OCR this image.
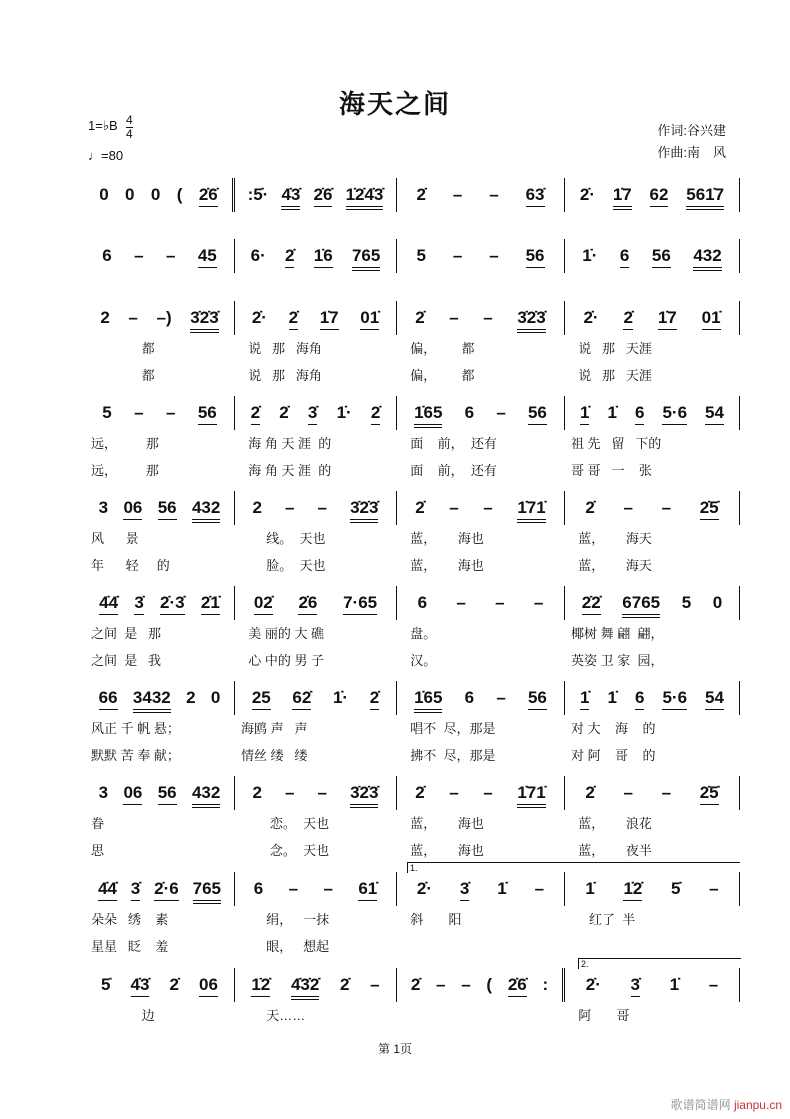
海天之间
1=♭B $\frac{4}{4}$
♩=80
作词:谷兴建
作曲:南　风
0 0 0 ( 2̇6̇ :5̇· 4̇3̇ 2̇6̇ 1̇2̇4̇3̇ 2̇ – – 63̇ 2̇· 1̇7 62 561̇7
6 – – 45 6· 2̇ 1̇6 765 5 – – 56 1̇· 6 56 432
2 – –) 3̇2̇3̇ 2̇· 2̇ 1̇7 01̇ 2̇ – – 3̇2̇3̇ 2̇· 2̇ 1̇7 01̇
都	说   那   海角	偏，       都	说   那   天涯
都	说   那   海角	偏，       都	说   那   天涯
5 – – 56 2̇ 2̇ 3̇ 1̇· 2̇ 1̇65 6 – 56 1̇ 1̇ 6 5·6 54
远，        那	海 角 天 涯  的	面    前，  还有	祖 先   留   下的
远，        那	海 角 天 涯  的	面    前，  还有	哥 哥   一    张
3 06 56 432 2 – – 3̇2̇3̇ 2̇ – – 1̇71̇ 2̇ – – 2̇5̇
风      景	线。  天也	蓝，      海也	蓝，      海天
年      轻     的	脸。  天也	蓝，      海也	蓝，      海天
4̇4̇ 3̇ 2̇·3̇ 2̇1̇ 02̇ 2̇6 7·65 6 – – – 2̇2̇ 6765 5 0
之间  是   那	美 丽的 大 礁	盘。	椰树 舞 翩  翩，
之间  是   我	心 中的 男 子	汉。	英姿 卫 家  园，
66 3432 2 0 25 62̇ 1̇· 2̇ 1̇65 6 – 56 1̇ 1̇ 6 5·6 54
风正 千 帆 悬；	海鸥 声   声	唱不  尽，那是	对 大    海    的
默默 苦 奉 献；	情丝 缕   缕	拂不  尽，那是	对 阿    哥    的
3 06 56 432 2 – – 3̇2̇3̇ 2̇ – – 1̇71̇ 2̇ – – 2̇5̇
眷	恋。  天也	蓝，      海也	蓝，      浪花
思	念。  天也	蓝，      海也	蓝，      夜半
4̇4̇ 3̇ 2̇·6 765 6 – – 61̇ 2̇· 3̇ 1̇ – 1̇ 1̇2̇ 5̇ –
1.
朵朵   绣    素	绢，   一抹	斜       阳	红了  半
星星   眨    羞	眼，   想起
5̇ 4̇3̇ 2̇ 06 1̇2̇ 4̇3̇2̇ 2̇ – 2̇ – – ( 2̇6̇ : 2̇· 3̇ 1̇ –
2.
边	天……	阿       哥
第 1页
歌谱简谱网 jianpu.cn
